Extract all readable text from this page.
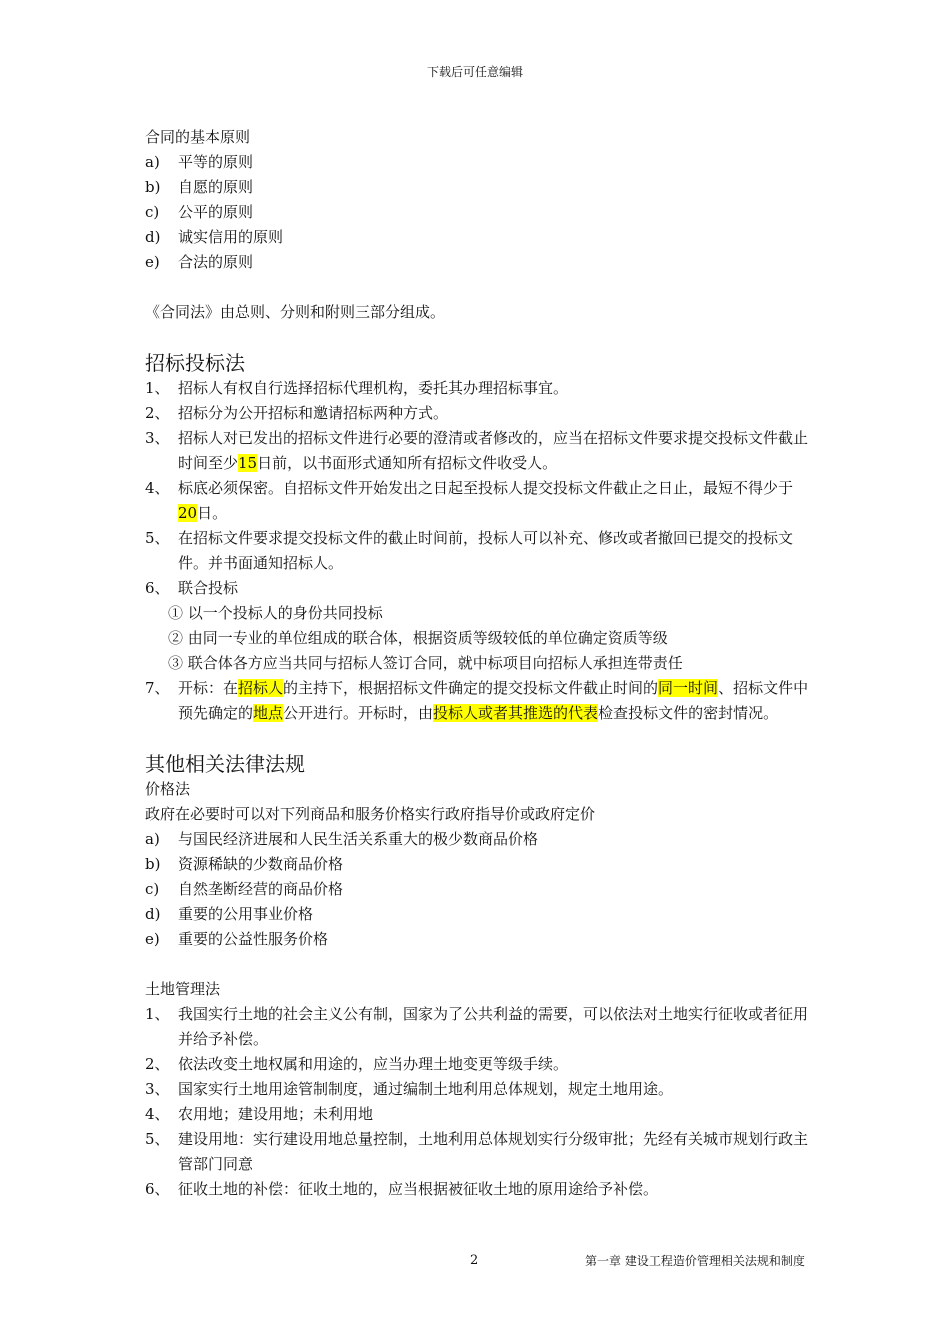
下载后可任意编辑
合同的基本原则
a)	平等的原则
b)	自愿的原则
c)	公平的原则
d)	诚实信用的原则
e)	合法的原则
《合同法》由总则、分则和附则三部分组成。
招标投标法
1、 招标人有权自行选择招标代理机构，委托其办理招标事宜。
2、 招标分为公开招标和邀请招标两种方式。
3、 招标人对已发出的招标文件进行必要的澄清或者修改的，应当在招标文件要求提交投标文件截止时间至少15日前，以书面形式通知所有招标文件收受人。
4、 标底必须保密。自招标文件开始发出之日起至投标人提交投标文件截止之日止，最短不得少于20日。
5、 在招标文件要求提交投标文件的截止时间前，投标人可以补充、修改或者撤回已提交的投标文件。并书面通知招标人。
6、 联合投标
① 以一个投标人的身份共同投标
② 由同一专业的单位组成的联合体，根据资质等级较低的单位确定资质等级
③ 联合体各方应当共同与招标人签订合同，就中标项目向招标人承担连带责任
7、 开标：在招标人的主持下，根据招标文件确定的提交投标文件截止时间的同一时间、招标文件中预先确定的地点公开进行。开标时，由投标人或者其推选的代表检查投标文件的密封情况。
其他相关法律法规
价格法
政府在必要时可以对下列商品和服务价格实行政府指导价或政府定价
a)	与国民经济进展和人民生活关系重大的极少数商品价格
b)	资源稀缺的少数商品价格
c)	自然垄断经营的商品价格
d)	重要的公用事业价格
e)	重要的公益性服务价格
土地管理法
1、 我国实行土地的社会主义公有制，国家为了公共利益的需要，可以依法对土地实行征收或者征用并给予补偿。
2、 依法改变土地权属和用途的，应当办理土地变更等级手续。
3、 国家实行土地用途管制制度，通过编制土地利用总体规划，规定土地用途。
4、 农用地；建设用地；未利用地
5、 建设用地：实行建设用地总量控制，土地利用总体规划实行分级审批；先经有关城市规划行政主管部门同意
6、 征收土地的补偿：征收土地的，应当根据被征收土地的原用途给予补偿。
2	第一章 建设工程造价管理相关法规和制度
